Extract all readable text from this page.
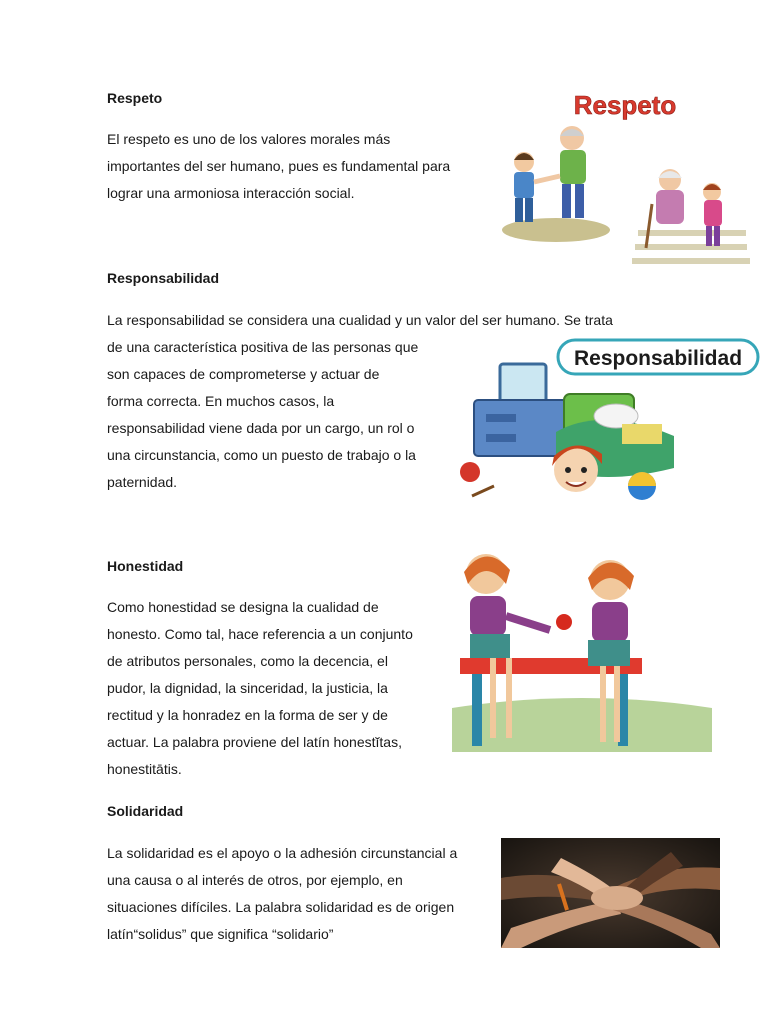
Respeto

El respeto es uno de los valores morales más
importantes del ser humano, pues es fundamental para
lograr una armoniosa interacción social.

Respeto
Responsabilidad

La responsabilidad se considera una cualidad y un valor del ser humano. Se trata
de una característica positiva de las personas que
son capaces de comprometerse y actuar de
forma correcta. En muchos casos, la
responsabilidad viene dada por un cargo, un rol o
una circunstancia, como un puesto de trabajo o la
paternidad.

Responsabilidad
Honestidad

Como honestidad se designa la cualidad de
honesto. Como tal, hace referencia a un conjunto
de atributos personales, como la decencia, el
pudor, la dignidad, la sinceridad, la justicia, la
rectitud y la honradez en la forma de ser y de
actuar. La palabra proviene del latín honestĭtas,
honestitātis.

Solidaridad

La solidaridad es el apoyo o la adhesión circunstancial a
una causa o al interés de otros, por ejemplo, en
situaciones difíciles. La palabra solidaridad es de origen
latín“solidus” que significa “solidario”
